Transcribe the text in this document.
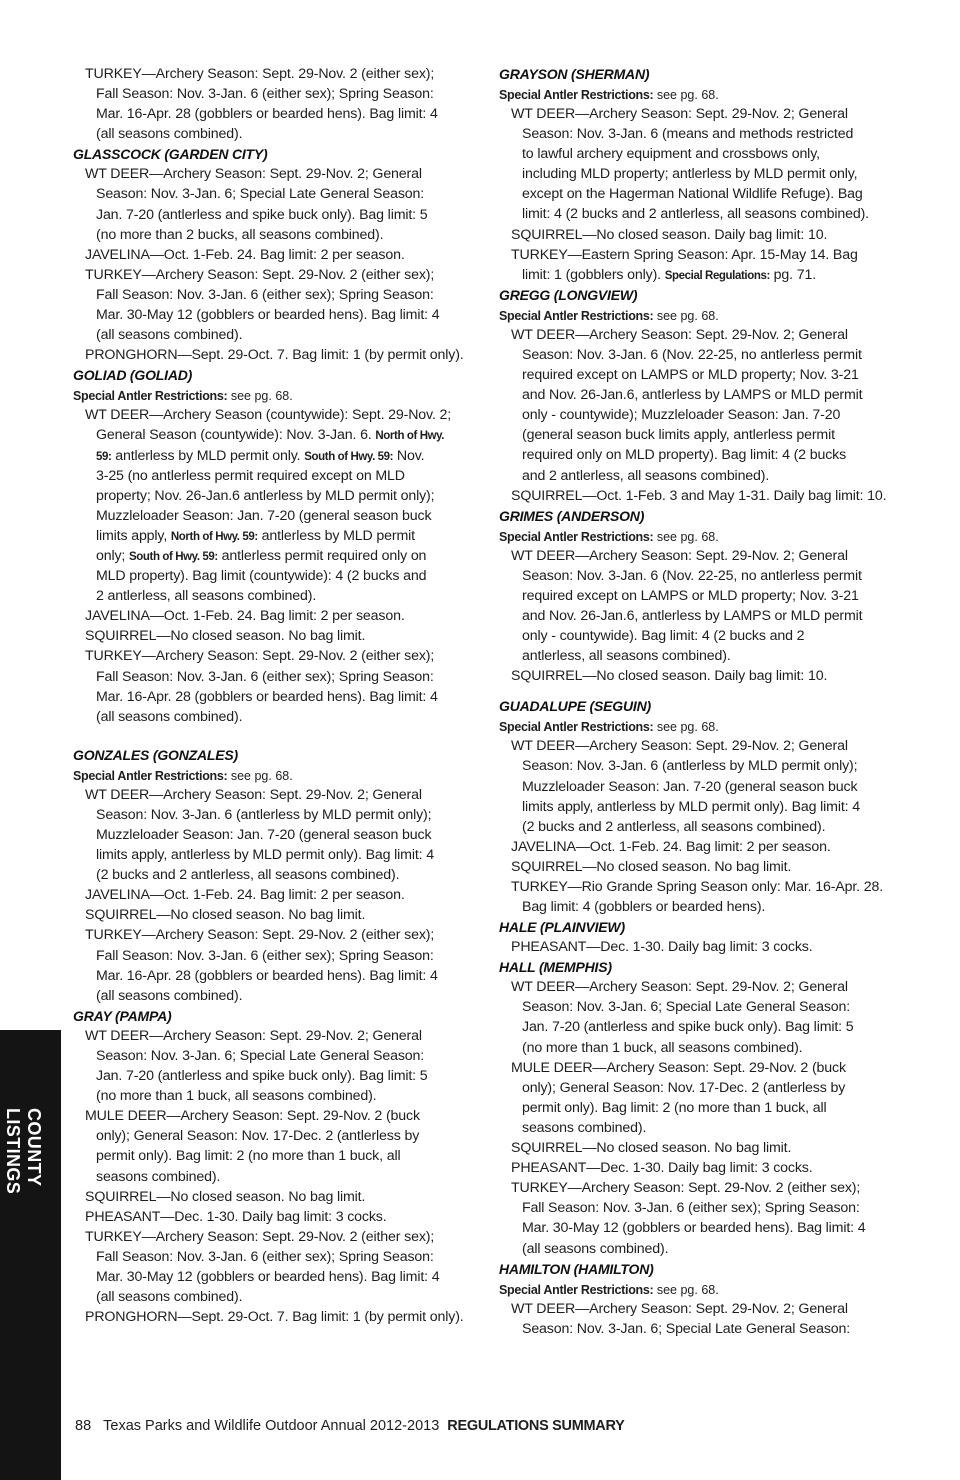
TURKEY—Archery Season: Sept. 29-Nov. 2 (either sex);
Fall Season: Nov. 3-Jan. 6 (either sex); Spring Season:
Mar. 16-Apr. 28 (gobblers or bearded hens). Bag limit: 4
(all seasons combined).
GLASSCOCK (GARDEN CITY)
WT DEER—Archery Season: Sept. 29-Nov. 2; General
Season: Nov. 3-Jan. 6; Special Late General Season:
Jan. 7-20 (antlerless and spike buck only). Bag limit: 5
(no more than 2 bucks, all seasons combined).
JAVELINA—Oct. 1-Feb. 24. Bag limit: 2 per season.
TURKEY—Archery Season: Sept. 29-Nov. 2 (either sex);
Fall Season: Nov. 3-Jan. 6 (either sex); Spring Season:
Mar. 30-May 12 (gobblers or bearded hens). Bag limit: 4
(all seasons combined).
PRONGHORN—Sept. 29-Oct. 7. Bag limit: 1 (by permit only).
GOLIAD (GOLIAD)
Special Antler Restrictions: see pg. 68.
WT DEER—Archery Season (countywide): Sept. 29-Nov. 2;
General Season (countywide): Nov. 3-Jan. 6. North of Hwy.
59: antlerless by MLD permit only. South of Hwy. 59: Nov.
3-25 (no antlerless permit required except on MLD
property; Nov. 26-Jan.6 antlerless by MLD permit only);
Muzzleloader Season: Jan. 7-20 (general season buck
limits apply, North of Hwy. 59: antlerless by MLD permit
only; South of Hwy. 59: antlerless permit required only on
MLD property). Bag limit (countywide): 4 (2 bucks and
2 antlerless, all seasons combined).
JAVELINA—Oct. 1-Feb. 24. Bag limit: 2 per season.
SQUIRREL—No closed season. No bag limit.
TURKEY—Archery Season: Sept. 29-Nov. 2 (either sex);
Fall Season: Nov. 3-Jan. 6 (either sex); Spring Season:
Mar. 16-Apr. 28 (gobblers or bearded hens). Bag limit: 4
(all seasons combined).
GONZALES (GONZALES)
Special Antler Restrictions: see pg. 68.
WT DEER—Archery Season: Sept. 29-Nov. 2; General
Season: Nov. 3-Jan. 6 (antlerless by MLD permit only);
Muzzleloader Season: Jan. 7-20 (general season buck
limits apply, antlerless by MLD permit only). Bag limit: 4
(2 bucks and 2 antlerless, all seasons combined).
JAVELINA—Oct. 1-Feb. 24. Bag limit: 2 per season.
SQUIRREL—No closed season. No bag limit.
TURKEY—Archery Season: Sept. 29-Nov. 2 (either sex);
Fall Season: Nov. 3-Jan. 6 (either sex); Spring Season:
Mar. 16-Apr. 28 (gobblers or bearded hens). Bag limit: 4
(all seasons combined).
GRAY (PAMPA)
WT DEER—Archery Season: Sept. 29-Nov. 2; General
Season: Nov. 3-Jan. 6; Special Late General Season:
Jan. 7-20 (antlerless and spike buck only). Bag limit: 5
(no more than 1 buck, all seasons combined).
MULE DEER—Archery Season: Sept. 29-Nov. 2 (buck
only); General Season: Nov. 17-Dec. 2 (antlerless by
permit only). Bag limit: 2 (no more than 1 buck, all
seasons combined).
SQUIRREL—No closed season. No bag limit.
PHEASANT—Dec. 1-30. Daily bag limit: 3 cocks.
TURKEY—Archery Season: Sept. 29-Nov. 2 (either sex);
Fall Season: Nov. 3-Jan. 6 (either sex); Spring Season:
Mar. 30-May 12 (gobblers or bearded hens). Bag limit: 4
(all seasons combined).
PRONGHORN—Sept. 29-Oct. 7. Bag limit: 1 (by permit only).
GRAYSON (SHERMAN)
Special Antler Restrictions: see pg. 68.
WT DEER—Archery Season: Sept. 29-Nov. 2; General
Season: Nov. 3-Jan. 6 (means and methods restricted
to lawful archery equipment and crossbows only,
including MLD property; antlerless by MLD permit only,
except on the Hagerman National Wildlife Refuge). Bag
limit: 4 (2 bucks and 2 antlerless, all seasons combined).
SQUIRREL—No closed season. Daily bag limit: 10.
TURKEY—Eastern Spring Season: Apr. 15-May 14. Bag
limit: 1 (gobblers only). Special Regulations: pg. 71.
GREGG (LONGVIEW)
Special Antler Restrictions: see pg. 68.
WT DEER—Archery Season: Sept. 29-Nov. 2; General
Season: Nov. 3-Jan. 6 (Nov. 22-25, no antlerless permit
required except on LAMPS or MLD property; Nov. 3-21
and Nov. 26-Jan.6, antlerless by LAMPS or MLD permit
only - countywide); Muzzleloader Season: Jan. 7-20
(general season buck limits apply, antlerless permit
required only on MLD property). Bag limit: 4 (2 bucks
and 2 antlerless, all seasons combined).
SQUIRREL—Oct. 1-Feb. 3 and May 1-31. Daily bag limit: 10.
GRIMES (ANDERSON)
Special Antler Restrictions: see pg. 68.
WT DEER—Archery Season: Sept. 29-Nov. 2; General
Season: Nov. 3-Jan. 6 (Nov. 22-25, no antlerless permit
required except on LAMPS or MLD property; Nov. 3-21
and Nov. 26-Jan.6, antlerless by LAMPS or MLD permit
only - countywide). Bag limit: 4 (2 bucks and 2
antlerless, all seasons combined).
SQUIRREL—No closed season. Daily bag limit: 10.
GUADALUPE (SEGUIN)
Special Antler Restrictions: see pg. 68.
WT DEER—Archery Season: Sept. 29-Nov. 2; General
Season: Nov. 3-Jan. 6 (antlerless by MLD permit only);
Muzzleloader Season: Jan. 7-20 (general season buck
limits apply, antlerless by MLD permit only). Bag limit: 4
(2 bucks and 2 antlerless, all seasons combined).
JAVELINA—Oct. 1-Feb. 24. Bag limit: 2 per season.
SQUIRREL—No closed season. No bag limit.
TURKEY—Rio Grande Spring Season only: Mar. 16-Apr. 28.
Bag limit: 4 (gobblers or bearded hens).
HALE (PLAINVIEW)
PHEASANT—Dec. 1-30. Daily bag limit: 3 cocks.
HALL (MEMPHIS)
WT DEER—Archery Season: Sept. 29-Nov. 2; General
Season: Nov. 3-Jan. 6; Special Late General Season:
Jan. 7-20 (antlerless and spike buck only). Bag limit: 5
(no more than 1 buck, all seasons combined).
MULE DEER—Archery Season: Sept. 29-Nov. 2 (buck
only); General Season: Nov. 17-Dec. 2 (antlerless by
permit only). Bag limit: 2 (no more than 1 buck, all
seasons combined).
SQUIRREL—No closed season. No bag limit.
PHEASANT—Dec. 1-30. Daily bag limit: 3 cocks.
TURKEY—Archery Season: Sept. 29-Nov. 2 (either sex);
Fall Season: Nov. 3-Jan. 6 (either sex); Spring Season:
Mar. 30-May 12 (gobblers or bearded hens). Bag limit: 4
(all seasons combined).
HAMILTON (HAMILTON)
Special Antler Restrictions: see pg. 68.
WT DEER—Archery Season: Sept. 29-Nov. 2; General
Season: Nov. 3-Jan. 6; Special Late General Season:
COUNTY LISTINGS
88 Texas Parks and Wildlife Outdoor Annual 2012-2013 REGULATIONS SUMMARY
